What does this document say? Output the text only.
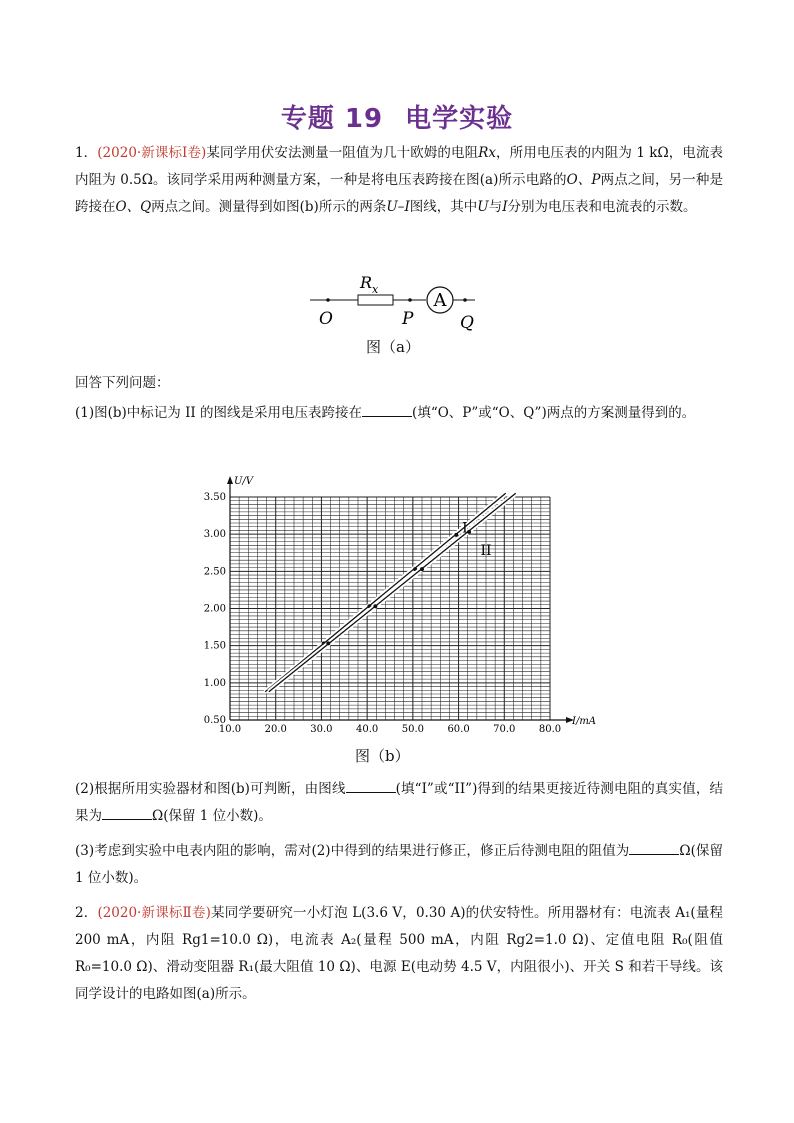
专题 19 电学实验
1．(2020·新课标Ⅰ卷)某同学用伏安法测量一阻值为几十欧姆的电阻Rx，所用电压表的内阻为 1 kΩ，电流表内阻为 0.5Ω。该同学采用两种测量方案，一种是将电压表跨接在图(a)所示电路的O、P两点之间，另一种是跨接在O、Q两点之间。测量得到如图(b)所示的两条U–I图线，其中U与I分别为电压表和电流表的示数。
A
$R_x$
O	P	Q
图（a）
回答下列问题：
(1)图(b)中标记为 II 的图线是采用电压表跨接在	(填“O、P”或“O、Q”)两点的方案测量得到的。
10.0 20.0 30.0 40.0 50.0 60.0 70.0 80.0
0.50
1.00
1.50
2.00
2.50
3.00
3.50
U/V
I/mA
I
II
图（b）
(2)根据所用实验器材和图(b)可判断，由图线	(填“I”或“II”)得到的结果更接近待测电阻的真实值，结果为	Ω(保留 1 位小数)。
(3)考虑到实验中电表内阻的影响，需对(2)中得到的结果进行修正，修正后待测电阻的阻值为	Ω(保留 1 位小数)。
2．(2020·新课标Ⅱ卷)某同学要研究一小灯泡 L(3.6 V，0.30 A)的伏安特性。所用器材有：电流表 A₁(量程 200 mA，内阻 Rg1=10.0 Ω)，电流表 A₂(量程 500 mA，内阻 Rg2=1.0 Ω)、定值电阻 R₀(阻值 R₀=10.0 Ω)、滑动变阻器 R₁(最大阻值 10 Ω)、电源 E(电动势 4.5 V，内阻很小)、开关 S 和若干导线。该同学设计的电路如图(a)所示。
